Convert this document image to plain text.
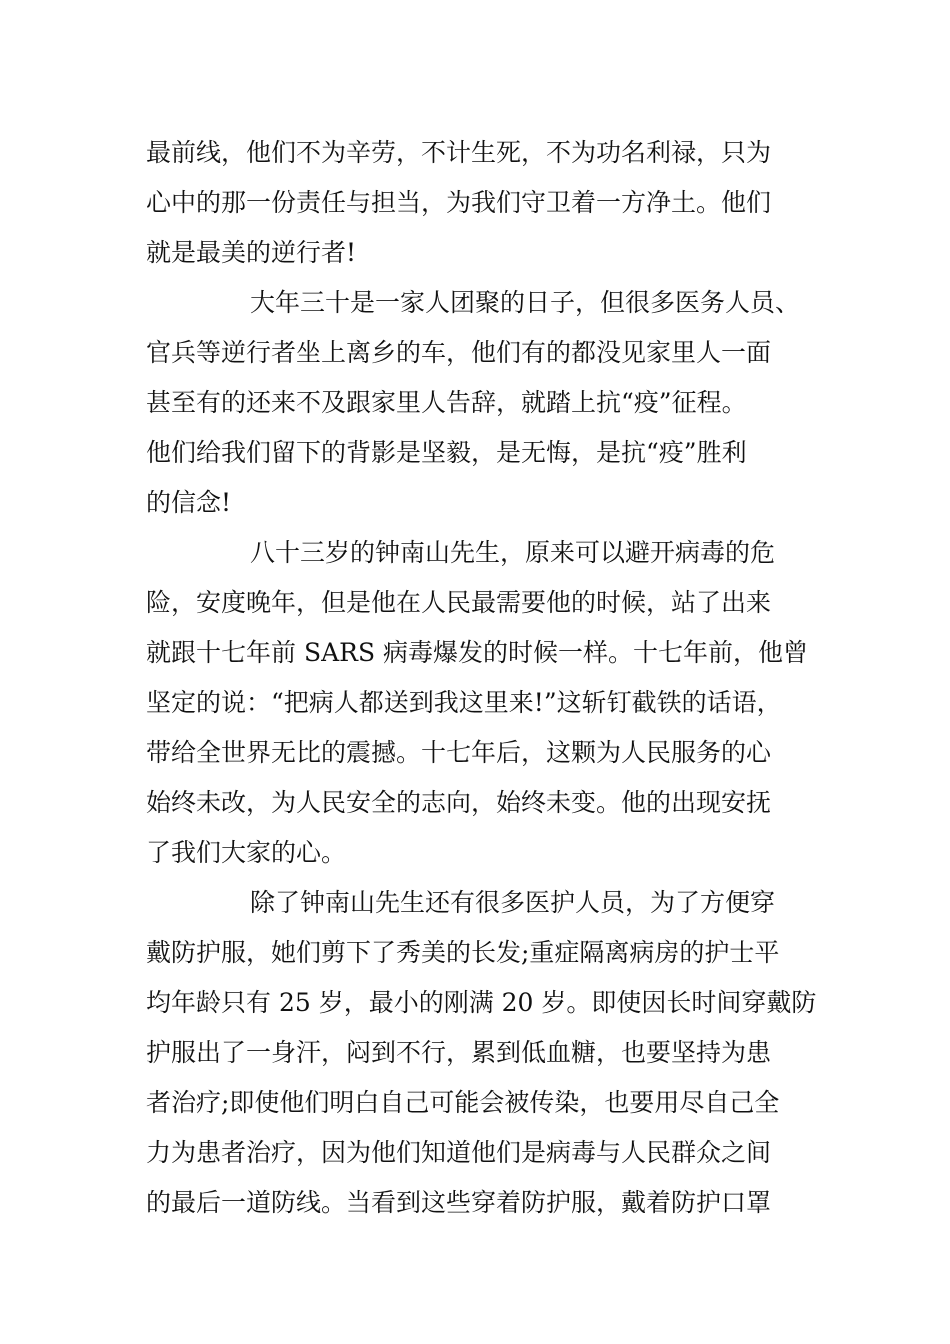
最前线，他们不为辛劳，不计生死，不为功名利禄，只为
心中的那一份责任与担当，为我们守卫着一方净土。他们
就是最美的逆行者!
大年三十是一家人团聚的日子，但很多医务人员、
官兵等逆行者坐上离乡的车，他们有的都没见家里人一面
甚至有的还来不及跟家里人告辞，就踏上抗“疫”征程。
他们给我们留下的背影是坚毅，是无悔，是抗“疫”胜利
的信念!
八十三岁的钟南山先生，原来可以避开病毒的危
险，安度晚年，但是他在人民最需要他的时候，站了出来
就跟十七年前 SARS 病毒爆发的时候一样。十七年前，他曾
坚定的说：“把病人都送到我这里来!”这斩钉截铁的话语，
带给全世界无比的震撼。十七年后，这颗为人民服务的心
始终未改，为人民安全的志向，始终未变。他的出现安抚
了我们大家的心。
除了钟南山先生还有很多医护人员，为了方便穿
戴防护服，她们剪下了秀美的长发;重症隔离病房的护士平
均年龄只有 25 岁，最小的刚满 20 岁。即使因长时间穿戴防
护服出了一身汗，闷到不行，累到低血糖，也要坚持为患
者治疗;即使他们明白自己可能会被传染，也要用尽自己全
力为患者治疗，因为他们知道他们是病毒与人民群众之间
的最后一道防线。当看到这些穿着防护服，戴着防护口罩
